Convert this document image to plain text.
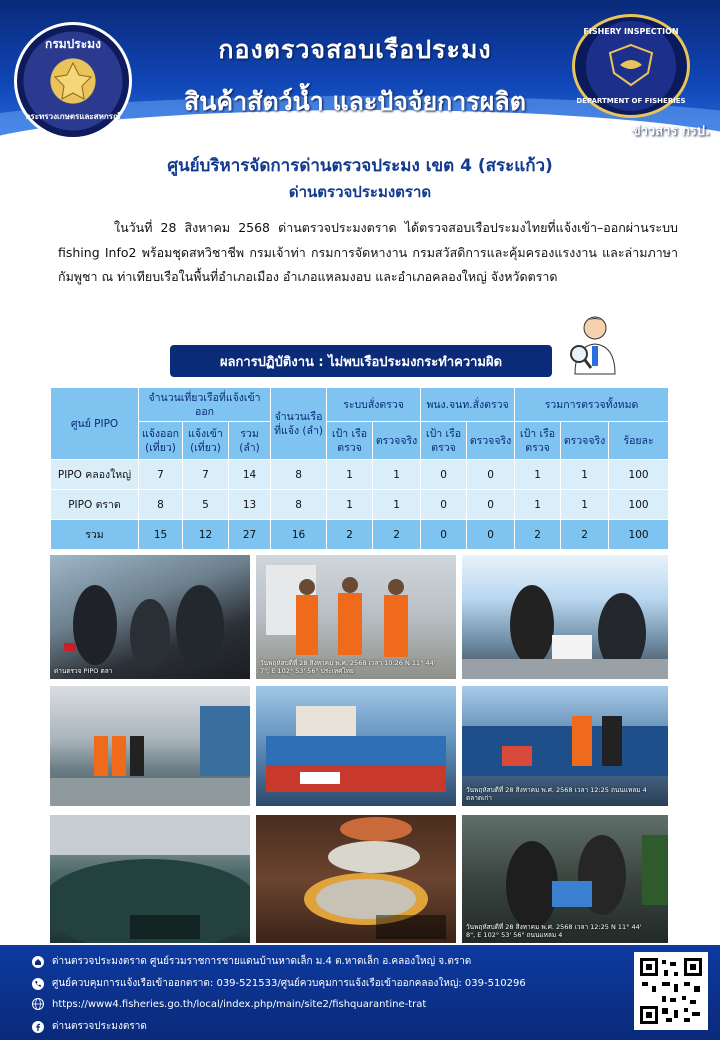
กรมประมง
กระทรวงเกษตรและสหกรณ์
กองตรวจสอบเรือประมง
สินค้าสัตว์น้ำ และปัจจัยการผลิต
FISHERY INSPECTION
DEPARTMENT OF FISHERIES
ข่าวสาร กรป.
ศูนย์บริหารจัดการด่านตรวจประมง เขต 4 (สระแก้ว)
ด่านตรวจประมงตราด
ในวันที่ 28 สิงหาคม 2568 ด่านตรวจประมงตราด ได้ตรวจสอบเรือประมงไทยที่แจ้งเข้า–ออกผ่านระบบ fishing Info2 พร้อมชุดสหวิชาชีพ กรมเจ้าท่า กรมการจัดหางาน กรมสวัสดิการและคุ้มครองแรงงาน และล่ามภาษากัมพูชา ณ ท่าเทียบเรือในพื้นที่อำเภอเมือง อำเภอแหลมงอบ และอำเภอคลองใหญ่ จังหวัดตราด
ผลการปฏิบัติงาน : ไม่พบเรือประมงกระทำความผิด
ศูนย์ PIPO	จำนวนเที่ยวเรือที่แจ้งเข้าออก			จำนวนเรือที่แจ้ง (ลำ)	ระบบสั่งตรวจ		พนง.จนท.สั่งตรวจ		รวมการตรวจทั้งหมด		
	แจ้งออก (เที่ยว)	แจ้งเข้า (เที่ยว)	รวม (ลำ)		เป้า เรือตรวจ	ตรวจจริง	เป้า เรือตรวจ	ตรวจจริง	เป้า เรือตรวจ	ตรวจจริง	ร้อยละ
PIPO คลองใหญ่	7	7	14	8	1	1	0	0	1	1	100
PIPO ตราด	8	5	13	8	1	1	0	0	1	1	100
รวม	15	12	27	16	2	2	0	0	2	2	100
ด่านตรวจ PIPO ตลา
วันพฤหัสบดีที่ 28 สิงหาคม พ.ศ. 2568 เวลา 10:26 N 11° 44' 7", E 102° 53' 56" ประเทศไทย
วันพฤหัสบดีที่ 28 สิงหาคม พ.ศ. 2568 เวลา 12:25 ถนนแหลม 4 ตลาดเก่า
วันพฤหัสบดีที่ 28 สิงหาคม พ.ศ. 2568 เวลา 12:25 N 11° 44' 8", E 102° 53' 56" ถนนแหลม 4
ด่านตรวจประมงตราด ศูนย์รวมราชการชายแดนบ้านหาดเล็ก ม.4 ต.หาดเล็ก อ.คลองใหญ่ จ.ตราด
ศูนย์ควบคุมการแจ้งเรือเข้าออกตราด: 039-521533/ศูนย์ควบคุมการแจ้งเรือเข้าออกคลองใหญ่: 039-510296
https://www4.fisheries.go.th/local/index.php/main/site2/fishquarantine-trat
ด่านตรวจประมงตราด
